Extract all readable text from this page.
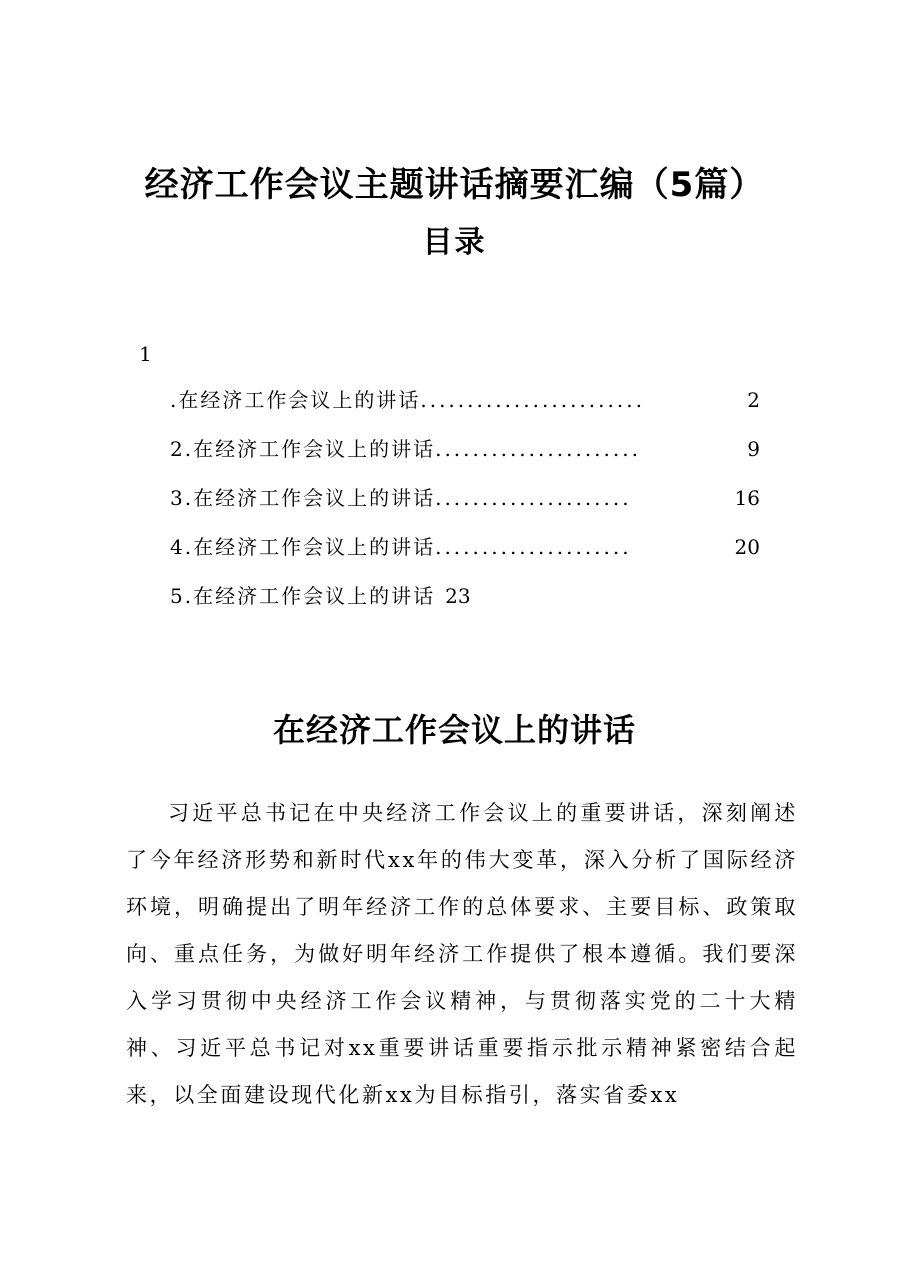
经济工作会议主题讲话摘要汇编（5篇）
目录
1
.在经济工作会议上的讲话 ........................	2
2.在经济工作会议上的讲话 ......................	9
3.在经济工作会议上的讲话 .....................	16
4.在经济工作会议上的讲话 .....................	20
5.在经济工作会议上的讲话 23
在经济工作会议上的讲话

习近平总书记在中央经济工作会议上的重要讲话，深刻阐述了今年经济形势和新时代xx年的伟大变革，深入分析了国际经济环境，明确提出了明年经济工作的总体要求、主要目标、政策取向、重点任务，为做好明年经济工作提供了根本遵循。我们要深入学习贯彻中央经济工作会议精神，与贯彻落实党的二十大精神、习近平总书记对xx重要讲话重要指示批示精神紧密结合起来，以全面建设现代化新xx为目标指引，落实省委xx
